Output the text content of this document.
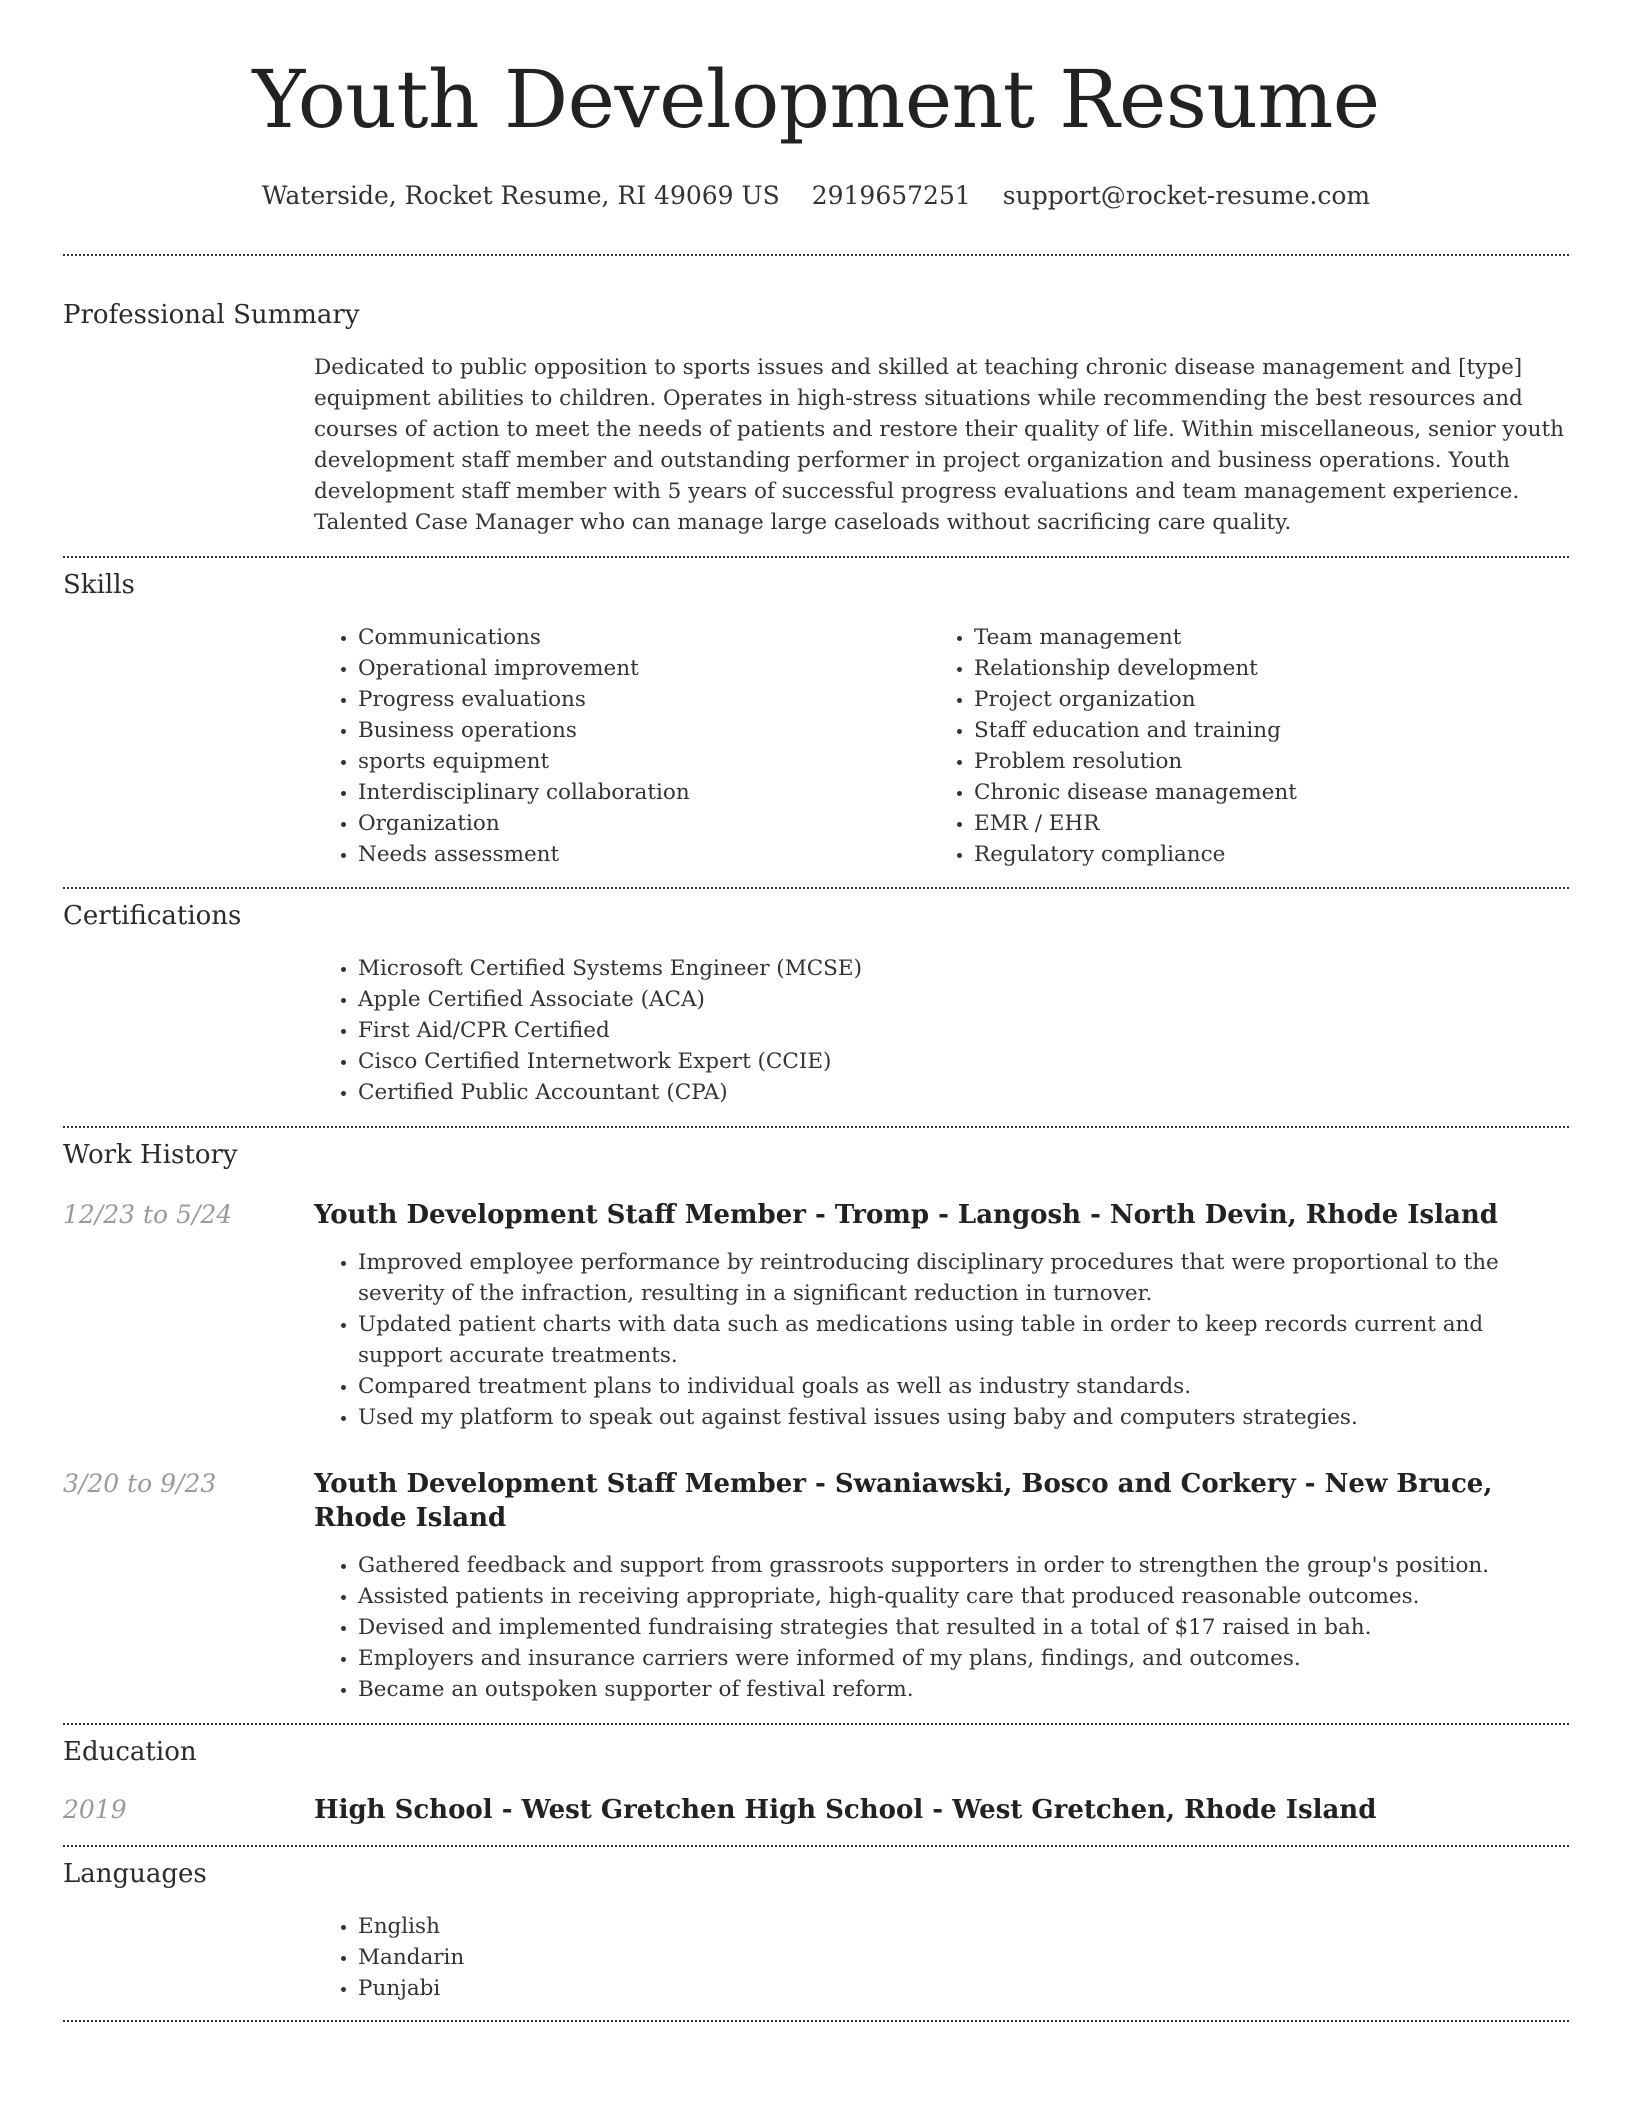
Youth Development Resume
Waterside, Rocket Resume, RI 49069 US 2919657251 support@rocket-resume.com
Professional Summary

Dedicated to public opposition to sports issues and skilled at teaching chronic disease management and [type] equipment abilities to children. Operates in high-stress situations while recommending the best resources and courses of action to meet the needs of patients and restore their quality of life. Within miscellaneous, senior youth development staff member and outstanding performer in project organization and business operations. Youth development staff member with 5 years of successful progress evaluations and team management experience. Talented Case Manager who can manage large caseloads without sacrificing care quality.

Skills
• Communications
• Operational improvement
• Progress evaluations
• Business operations
• sports equipment
• Interdisciplinary collaboration
• Organization
• Needs assessment
• Team management
• Relationship development
• Project organization
• Staff education and training
• Problem resolution
• Chronic disease management
• EMR / EHR
• Regulatory compliance
Certifications
• Microsoft Certified Systems Engineer (MCSE)
• Apple Certified Associate (ACA)
• First Aid/CPR Certified
• Cisco Certified Internetwork Expert (CCIE)
• Certified Public Accountant (CPA)
Work History
12/23 to 5/24	Youth Development Staff Member - Tromp - Langosh - North Devin, Rhode Island
• Improved employee performance by reintroducing disciplinary procedures that were proportional to the severity of the infraction, resulting in a significant reduction in turnover.
• Updated patient charts with data such as medications using table in order to keep records current and support accurate treatments.
• Compared treatment plans to individual goals as well as industry standards.
• Used my platform to speak out against festival issues using baby and computers strategies.
3/20 to 9/23	Youth Development Staff Member - Swaniawski, Bosco and Corkery - New Bruce, Rhode Island
• Gathered feedback and support from grassroots supporters in order to strengthen the group's position.
• Assisted patients in receiving appropriate, high-quality care that produced reasonable outcomes.
• Devised and implemented fundraising strategies that resulted in a total of $17 raised in bah.
• Employers and insurance carriers were informed of my plans, findings, and outcomes.
• Became an outspoken supporter of festival reform.
Education
2019	High School - West Gretchen High School - West Gretchen, Rhode Island
Languages
• English
• Mandarin
• Punjabi
